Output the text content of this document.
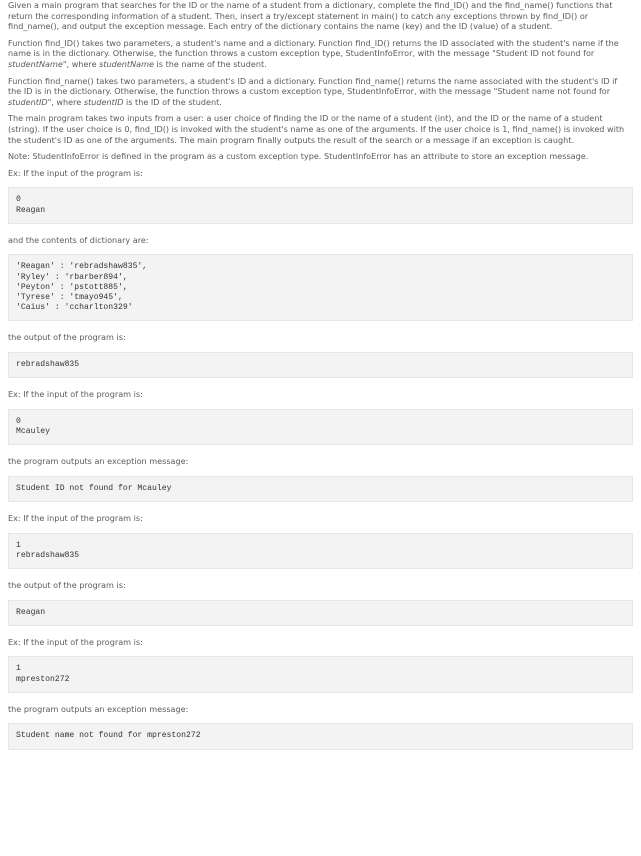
Given a main program that searches for the ID or the name of a student from a dictionary, complete the find_ID() and the find_name() functions that return the corresponding information of a student. Then, insert a try/except statement in main() to catch any exceptions thrown by find_ID() or find_name(), and output the exception message. Each entry of the dictionary contains the name (key) and the ID (value) of a student.

Function find_ID() takes two parameters, a student's name and a dictionary. Function find_ID() returns the ID associated with the student's name if the name is in the dictionary. Otherwise, the function throws a custom exception type, StudentInfoError, with the message "Student ID not found for studentName", where studentName is the name of the student.

Function find_name() takes two parameters, a student's ID and a dictionary. Function find_name() returns the name associated with the student's ID if the ID is in the dictionary. Otherwise, the function throws a custom exception type, StudentInfoError, with the message "Student name not found for studentID", where studentID is the ID of the student.

The main program takes two inputs from a user: a user choice of finding the ID or the name of a student (int), and the ID or the name of a student (string). If the user choice is 0, find_ID() is invoked with the student's name as one of the arguments. If the user choice is 1, find_name() is invoked with the student's ID as one of the arguments. The main program finally outputs the result of the search or a message if an exception is caught.

Note: StudentInfoError is defined in the program as a custom exception type. StudentInfoError has an attribute to store an exception message.

Ex: If the input of the program is:

0
Reagan

and the contents of dictionary are:

'Reagan' : 'rebradshaw835',
'Ryley' : 'rbarber894',
'Peyton' : 'pstott885',
'Tyrese' : 'tmayo945',
'Caius' : 'ccharlton329'

the output of the program is:

rebradshaw835

Ex: If the input of the program is:

0
Mcauley

the program outputs an exception message:

Student ID not found for Mcauley

Ex: If the input of the program is:

1
rebradshaw835

the output of the program is:

Reagan

Ex: If the input of the program is:

1
mpreston272

the program outputs an exception message:

Student name not found for mpreston272
